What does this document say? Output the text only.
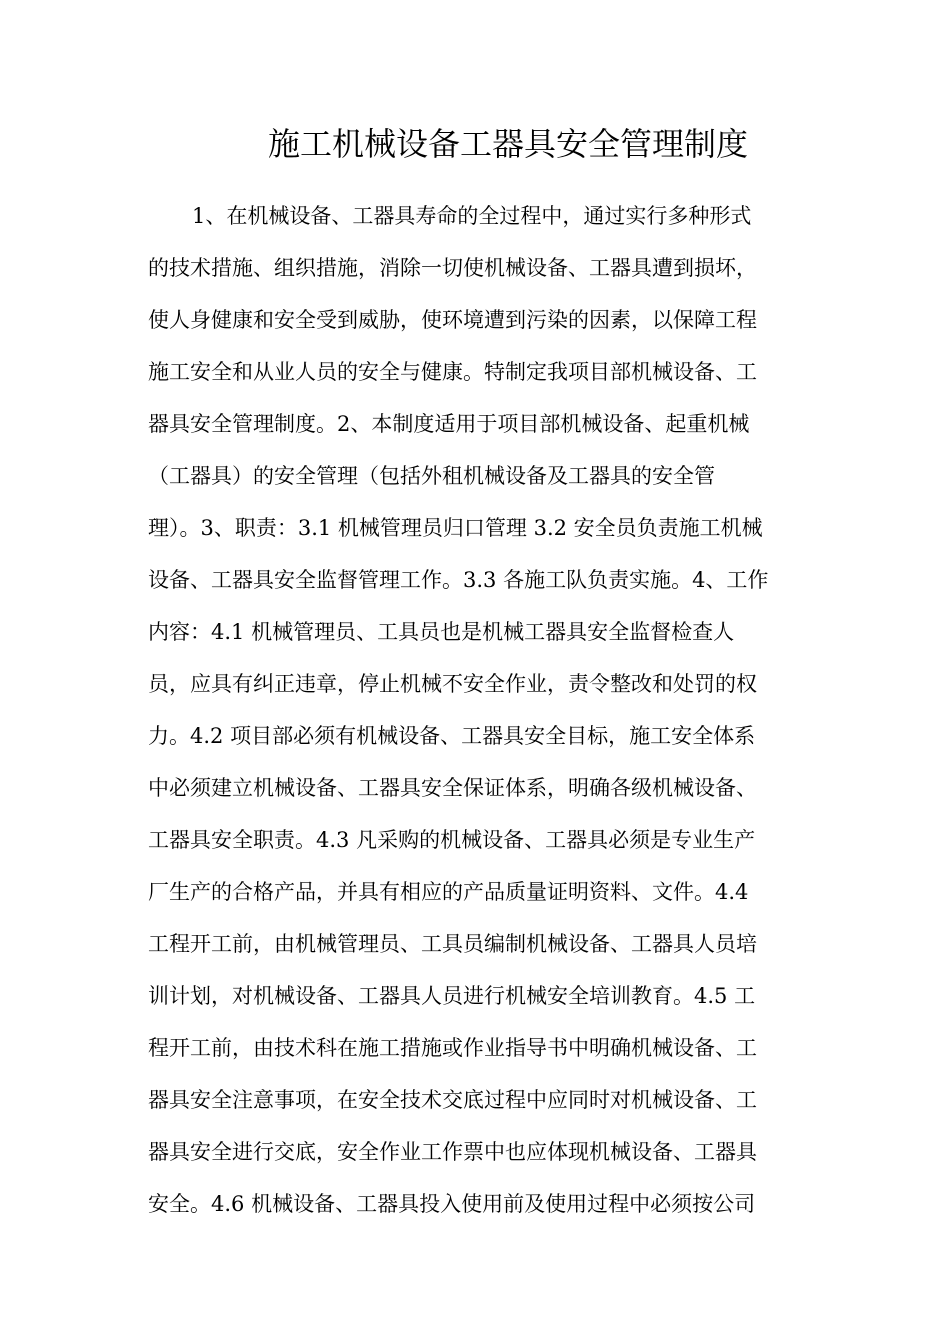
施工机械设备工器具安全管理制度
1、在机械设备、工器具寿命的全过程中，通过实行多种形式
的技术措施、组织措施，消除一切使机械设备、工器具遭到损坏，
使人身健康和安全受到威胁，使环境遭到污染的因素，以保障工程
施工安全和从业人员的安全与健康。特制定我项目部机械设备、工
器具安全管理制度。2、本制度适用于项目部机械设备、起重机械
（工器具）的安全管理（包括外租机械设备及工器具的安全管
理）。3、职责：3.1 机械管理员归口管理 3.2 安全员负责施工机械
设备、工器具安全监督管理工作。3.3 各施工队负责实施。4、工作
内容：4.1 机械管理员、工具员也是机械工器具安全监督检查人
员，应具有纠正违章，停止机械不安全作业，责令整改和处罚的权
力。4.2 项目部必须有机械设备、工器具安全目标，施工安全体系
中必须建立机械设备、工器具安全保证体系，明确各级机械设备、
工器具安全职责。4.3 凡采购的机械设备、工器具必须是专业生产
厂生产的合格产品，并具有相应的产品质量证明资料、文件。4.4
工程开工前，由机械管理员、工具员编制机械设备、工器具人员培
训计划，对机械设备、工器具人员进行机械安全培训教育。4.5 工
程开工前，由技术科在施工措施或作业指导书中明确机械设备、工
器具安全注意事项，在安全技术交底过程中应同时对机械设备、工
器具安全进行交底，安全作业工作票中也应体现机械设备、工器具
安全。4.6 机械设备、工器具投入使用前及使用过程中必须按公司
